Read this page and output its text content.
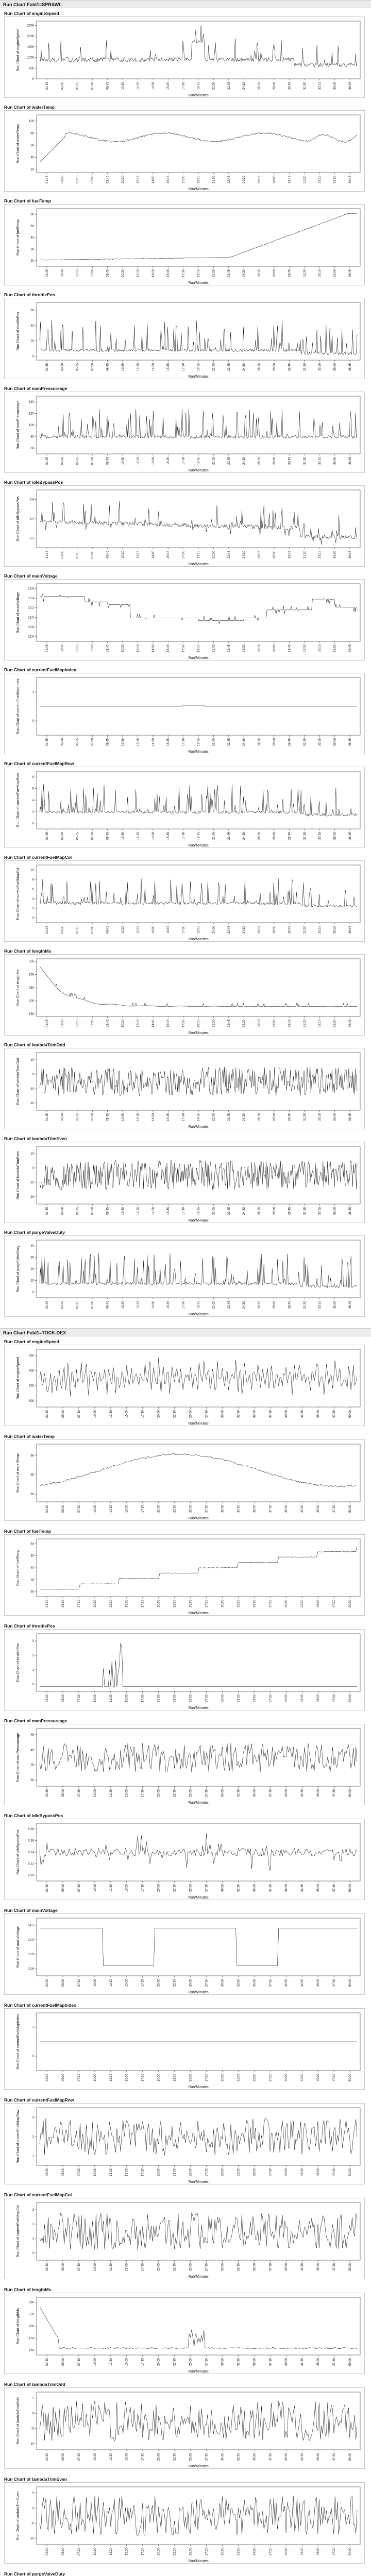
Run Chart Fold1=SPRAWL
Run Chart of engineSpeed
0
500
1000
1500
2000
2500
Run Chart of engineSpeed
01:45	03:30	05:15	07:00	08:45	10:30	12:15	14:00	15:45	17:30	19:15	21:00	22:45	24:30	26:15	28:00	29:45	31:30	33:15	35:00	36:45
Run/Minutes
Run Chart of waterTemp
20
40
60
80
100
Run Chart of waterTemp
01:45	03:30	05:15	07:00	08:45	10:30	12:15	14:00	15:45	17:30	19:15	21:00	22:45	24:30	26:15	28:00	29:45	31:30	33:15	35:00	36:45
Run/Minutes
Run Chart of fuelTemp
20
30
40
50
60
Run Chart of fuelTemp
01:45	03:30	05:15	07:00	08:45	10:30	12:15	14:00	15:45	17:30	19:15	21:00	22:45	24:30	26:15	28:00	29:45	31:30	33:15	35:00	36:45
Run/Minutes
Run Chart of throttlePos
0
20
40
60
Run Chart of throttlePos
01:45	03:30	05:15	07:00	08:45	10:30	12:15	14:00	15:45	17:30	19:15	21:00	22:45	24:30	26:15	28:00	29:45	31:30	33:15	35:00	36:45
Run/Minutes
Run Chart of manPressureage
60
80
100
120
140
Run Chart of manPressureage
01:45	03:30	05:15	07:00	08:45	10:30	12:15	14:00	15:45	17:30	19:15	21:00	22:45	24:30	26:15	28:00	29:45	31:30	33:15	35:00	36:45
Run/Minutes
Run Chart of idleBypassPos
0.2
0.4
0.6
Run Chart of idleBypassPos
01:45	03:30	05:15	07:00	08:45	10:30	12:15	14:00	15:45	17:30	19:15	21:00	22:45	24:30	26:15	28:00	29:45	31:30	33:15	35:00	36:45
Run/Minutes
Run Chart of mainVoltage
12.6
12.8
13.0
13.2
13.4
13.6
Run Chart of mainVoltage
01:45	03:30	05:15	07:00	08:45	10:30	12:15	14:00	15:45	17:30	19:15	21:00	22:45	24:30	26:15	28:00	29:45	31:30	33:15	35:00	36:45
Run/Minutes
Run Chart of currentFuelMapIndex
0
1
Run Chart of currentFuelMapIndex
01:45	03:30	05:15	07:00	08:45	10:30	12:15	14:00	15:45	17:30	19:15	21:00	22:45	24:30	26:15	28:00	29:45	31:30	33:15	35:00	36:45
Run/Minutes
Run Chart of currentFuelMapRow
0
2
4
6
8
Run Chart of currentFuelMapRow
01:45	03:30	05:15	07:00	08:45	10:30	12:15	14:00	15:45	17:30	19:15	21:00	22:45	24:30	26:15	28:00	29:45	31:30	33:15	35:00	36:45
Run/Minutes
Run Chart of currentFuelMapCol
0
2
4
6
8
10
Run Chart of currentFuelMapCol
01:45	03:30	05:15	07:00	08:45	10:30	12:15	14:00	15:45	17:30	19:15	21:00	22:45	24:30	26:15	28:00	29:45	31:30	33:15	35:00	36:45
Run/Minutes
Run Chart of lengthMs
150
200
250
300
350
Run Chart of lengthMs
01:45	03:30	05:15	07:00	08:45	10:30	12:15	14:00	15:45	17:30	19:15	21:00	22:45	24:30	26:15	28:00	29:45	31:30	33:15	35:00	36:45
Run/Minutes
Run Chart of lambdaTrimOdd
-20
-10
0
10
Run Chart of lambdaTrimOdd
01:45	03:30	05:15	07:00	08:45	10:30	12:15	14:00	15:45	17:30	19:15	21:00	22:45	24:30	26:15	28:00	29:45	31:30	33:15	35:00	36:45
Run/Minutes
Run Chart of lambdaTrimEven
-20
-10
0
10
Run Chart of lambdaTrimEven
01:45	03:30	05:15	07:00	08:45	10:30	12:15	14:00	15:45	17:30	19:15	21:00	22:45	24:30	26:15	28:00	29:45	31:30	33:15	35:00	36:45
Run/Minutes
Run Chart of purgeValveDuty
0
10
20
30
40
Run Chart of purgeValveDuty
01:45	03:30	05:15	07:00	08:45	10:30	12:15	14:00	15:45	17:30	19:15	21:00	22:45	24:30	26:15	28:00	29:45	31:30	33:15	35:00	36:45
Run/Minutes
Run Chart Fold1=TOCK-DEX
Run Chart of engineSpeed
800
850
900
950
Run Chart of engineSpeed
02:30	05:00	07:30	10:00	12:30	15:00	17:30	20:00	22:30	25:00	27:30	30:00	32:30	35:00	37:30	40:00	42:30	45:00	47:30	50:00
Run/Minutes
Run Chart of waterTemp
80
85
90
Run Chart of waterTemp
02:30	05:00	07:30	10:00	12:30	15:00	17:30	20:00	22:30	25:00	27:30	30:00	32:30	35:00	37:30	40:00	42:30	45:00	47:30	50:00
Run/Minutes
Run Chart of fuelTemp
30
35
40
45
50
Run Chart of fuelTemp
02:30	05:00	07:30	10:00	12:30	15:00	17:30	20:00	22:30	25:00	27:30	30:00	32:30	35:00	37:30	40:00	42:30	45:00	47:30	50:00
Run/Minutes
Run Chart of throttlePos
0
1
2
3
Run Chart of throttlePos
02:30	05:00	07:30	10:00	12:30	15:00	17:30	20:00	22:30	25:00	27:30	30:00	32:30	35:00	37:30	40:00	42:30	45:00	47:30	50:00
Run/Minutes
Run Chart of manPressureage
30
35
40
45
Run Chart of manPressureage
02:30	05:00	07:30	10:00	12:30	15:00	17:30	20:00	22:30	25:00	27:30	30:00	32:30	35:00	37:30	40:00	42:30	45:00	47:30	50:00
Run/Minutes
Run Chart of idleBypassPos
0.10
0.12
0.14
0.16
0.18
Run Chart of idleBypassPos
02:30	05:00	07:30	10:00	12:30	15:00	17:30	20:00	22:30	25:00	27:30	30:00	32:30	35:00	37:30	40:00	42:30	45:00	47:30	50:00
Run/Minutes
Run Chart of mainVoltage
13.6
13.8
14.0
14.2
Run Chart of mainVoltage
02:30	05:00	07:30	10:00	12:30	15:00	17:30	20:00	22:30	25:00	27:30	30:00	32:30	35:00	37:30	40:00	42:30	45:00	47:30	50:00
Run/Minutes
Run Chart of currentFuelMapIndex
0
1
Run Chart of currentFuelMapIndex
02:30	05:00	07:30	10:00	12:30	15:00	17:30	20:00	22:30	25:00	27:30	30:00	32:30	35:00	37:30	40:00	42:30	45:00	47:30	50:00
Run/Minutes
Run Chart of currentFuelMapRow
1
2
3
Run Chart of currentFuelMapRow
02:30	05:00	07:30	10:00	12:30	15:00	17:30	20:00	22:30	25:00	27:30	30:00	32:30	35:00	37:30	40:00	42:30	45:00	47:30	50:00
Run/Minutes
Run Chart of currentFuelMapCol
0
1
2
3
Run Chart of currentFuelMapCol
02:30	05:00	07:30	10:00	12:30	15:00	17:30	20:00	22:30	25:00	27:30	30:00	32:30	35:00	37:30	40:00	42:30	45:00	47:30	50:00
Run/Minutes
Run Chart of lengthMs
150
175
200
225
250
Run Chart of lengthMs
02:30	05:00	07:30	10:00	12:30	15:00	17:30	20:00	22:30	25:00	27:30	30:00	32:30	35:00	37:30	40:00	42:30	45:00	47:30	50:00
Run/Minutes
Run Chart of lambdaTrimOdd
-10
-5
0
5
Run Chart of lambdaTrimOdd
02:30	05:00	07:30	10:00	12:30	15:00	17:30	20:00	22:30	25:00	27:30	30:00	32:30	35:00	37:30	40:00	42:30	45:00	47:30	50:00
Run/Minutes
Run Chart of lambdaTrimEven
-10
-5
0
5
Run Chart of lambdaTrimEven
02:30	05:00	07:30	10:00	12:30	15:00	17:30	20:00	22:30	25:00	27:30	30:00	32:30	35:00	37:30	40:00	42:30	45:00	47:30	50:00
Run/Minutes
Run Chart of purgeValveDuty
